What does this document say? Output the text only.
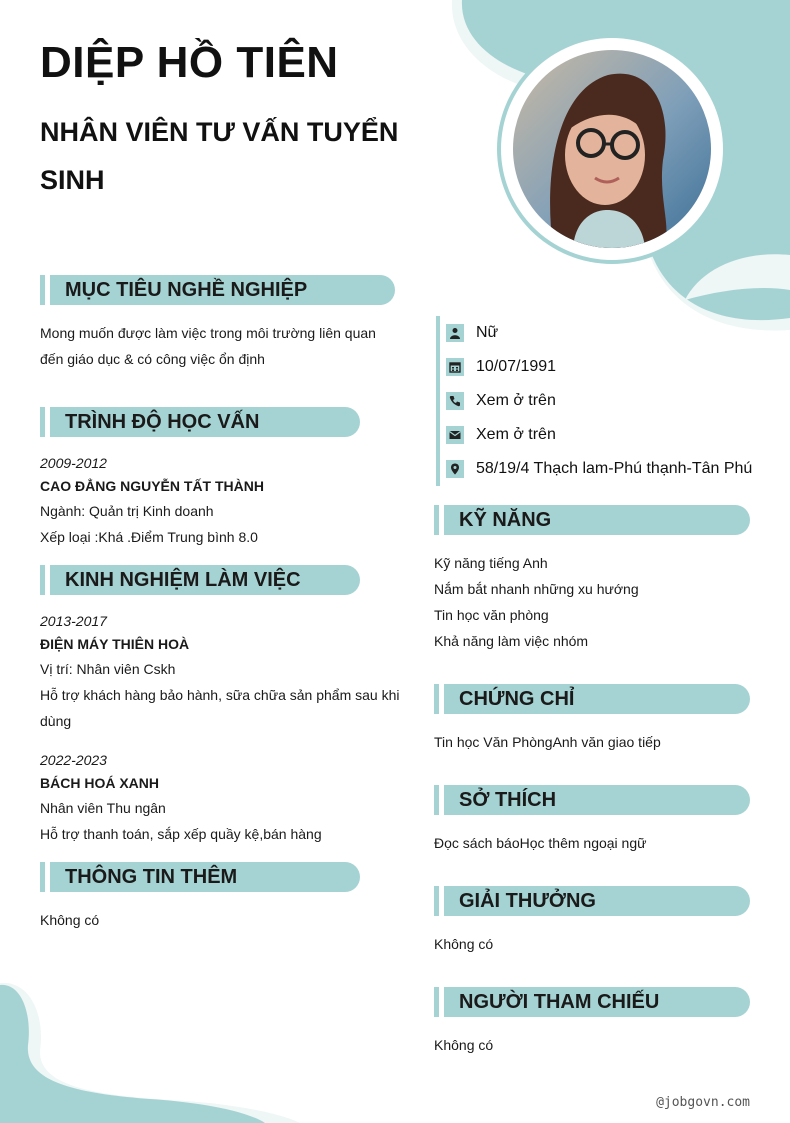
DIỆP HỒ TIÊN
NHÂN VIÊN TƯ VẤN TUYỂN SINH
MỤC TIÊU NGHỀ NGHIỆP
Mong muốn được làm việc trong môi trường liên quan đến giáo dục & có công việc ổn định
TRÌNH ĐỘ HỌC VẤN
2009-2012
CAO ĐẲNG NGUYỄN TẤT THÀNH
Ngành: Quản trị Kinh doanh
Xếp loại :Khá .Điểm Trung bình 8.0
KINH NGHIỆM LÀM VIỆC
2013-2017
ĐIỆN MÁY THIÊN HOÀ
Vị trí: Nhân viên Cskh
Hỗ trợ khách hàng bảo hành, sữa chữa sản phẩm sau khi dùng
2022-2023
BÁCH HOÁ XANH
Nhân viên Thu ngân
Hỗ trợ thanh toán, sắp xếp quầy kệ,bán hàng
THÔNG TIN THÊM
Không có
Nữ
10/07/1991
Xem ở trên
Xem ở trên
58/19/4 Thạch lam-Phú thạnh-Tân Phú
KỸ NĂNG
Kỹ năng tiếng Anh
Nắm bắt nhanh những xu hướng
Tin học văn phòng
Khả năng làm việc nhóm
CHỨNG CHỈ
Tin học Văn PhòngAnh văn giao tiếp
SỞ THÍCH
Đọc sách báoHọc thêm ngoại ngữ
GIẢI THƯỞNG
Không có
NGƯỜI THAM CHIẾU
Không có
@jobgovn.com
